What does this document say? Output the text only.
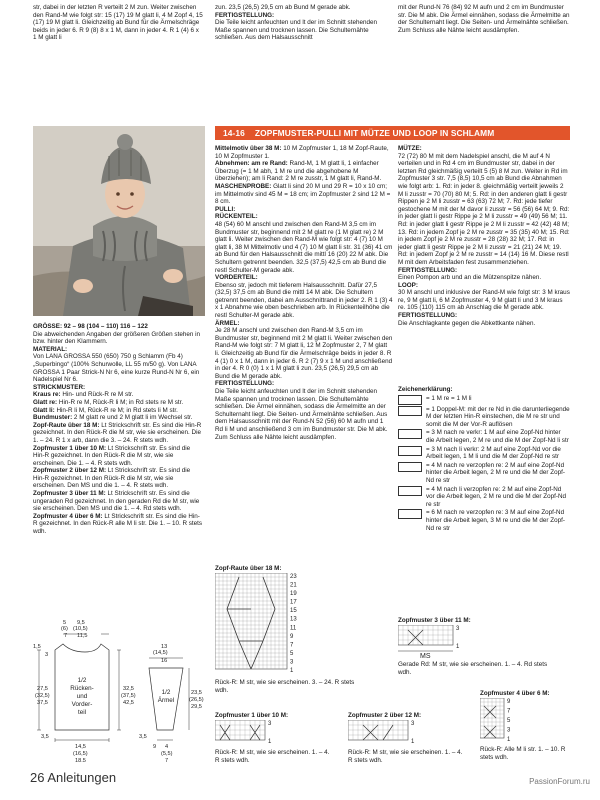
str, dabei in der letzten R verteilt 2 M zun. Weiter zwischen den Rand-M wie folgt str: 15 (17) 19 M glatt li, 4 M Zopf 4, 15 (17) 19 M glatt li. Gleichzeitig ab Bund für die Ärmelschräge beids in jeder 6. R 9 (8) 8 x 1 M, dann in jeder 4. R 1 (4) 6 x 1 M glatt li

zun. 23,5 (26,5) 29,5 cm ab Bund M gerade abk.

FERTIGSTELLUNG:

Die Teile leicht anfeuchten und lt der im Schnitt stehenden Maße spannen und trocknen lassen. Die Schulternähte schließen. Aus dem Halsausschnitt

mit der Rund-N 76 (84) 92 M aufn und 2 cm im Bundmuster str. Die M abk. Die Ärmel einnähen, sodass die Ärmelmitte an der Schulternaht liegt. Die Seiten- und Ärmelnähte schließen. Zum Schluss alle Nähte leicht ausdämpfen.

14-16 ZOPFMUSTER-PULLI MIT MÜTZE UND LOOP IN SCHLAMM

GRÖSSE: 92 – 98 (104 – 110) 116 – 122

Die abweichenden Angaben der größeren Größen stehen in bzw. hinter den Klammern.

MATERIAL:

Von LANA GROSSA 550 (650) 750 g Schlamm (Fb 4) „Superbingo“ (100% Schurwolle, LL 55 m/50 g). Von LANA GROSSA 1 Paar Strick-N Nr 6, eine kurze Rund-N Nr 6, ein Nadelspiel Nr 6.

STRICKMUSTER:

Kraus re: Hin- und Rück-R re M str.

Glatt re: Hin-R re M, Rück-R li M; in Rd stets re M str.

Glatt li: Hin-R li M, Rück-R re M; in Rd stets li M str.

Bundmuster: 2 M glatt re und 2 M glatt li im Wechsel str.

Zopf-Raute über 18 M: Lt Strickschrift str. Es sind die Hin-R gezeichnet. In den Rück-R die M str, wie sie erscheinen. Die 1. – 24. R 1 x arb, dann die 3. – 24. R stets wdh.

Zopfmuster 1 über 10 M: Lt Strickschrift str. Es sind die Hin-R gezeichnet. In den Rück-R die M str, wie sie erscheinen. Die 1. – 4. R stets wdh.

Zopfmuster 2 über 12 M: Lt Strickschrift str. Es sind die Hin-R gezeichnet. In den Rück-R die M str, wie sie erscheinen. Den MS und die 1. – 4. R stets wdh.

Zopfmuster 3 über 11 M: Lt Strickschrift str. Es sind die ungeraden Rd gezeichnet. In den geraden Rd die M str, wie sie erscheinen. Den MS und die 1. – 4. Rd stets wdh.

Zopfmuster 4 über 6 M: Lt Strickschrift str. Es sind die Hin-R gezeichnet. In den Rück-R alle M li str. Die 1. – 10. R stets wdh.

Mittelmotiv über 38 M: 10 M Zopfmuster 1, 18 M Zopf-Raute, 10 M Zopfmuster 1.

Abnehmen: am re Rand: Rand-M, 1 M glatt li, 1 einfacher Überzug (= 1 M abh, 1 M re und die abgehobene M überziehen); am li Rand: 2 M re zusstr, 1 M glatt li, Rand-M.

MASCHENPROBE: Glatt li sind 20 M und 29 R = 10 x 10 cm; im Mittelmotiv sind 45 M = 18 cm; im Zopfmuster 2 sind 12 M = 8 cm.

PULLI:

RÜCKENTEIL:

48 (54) 60 M anschl und zwischen den Rand-M 3,5 cm im Bundmuster str, beginnend mit 2 M glatt re (1 M glatt re) 2 M glatt li. Weiter zwischen den Rand-M wie folgt str: 4 (7) 10 M glatt li, 38 M Mittelmotiv und 4 (7) 10 M glatt li str. 31 (36) 41 cm ab Bund für den Halsausschnitt die mittl 16 (20) 22 M abk. Die Schultern getrennt beenden. 32,5 (37,5) 42,5 cm ab Bund die restl Schulter-M gerade abk.

VORDERTEIL:

Ebenso str, jedoch mit tieferem Halsausschnitt. Dafür 27,5 (32,5) 37,5 cm ab Bund die mittl 14 M abk. Die Schultern getrennt beenden, dabei am Ausschnittrand in jeder 2. R 1 (3) 4 x 1 Abnahme wie oben beschrieben arb. In Rückenteilhöhe die restl Schulter-M gerade abk.

ÄRMEL:

Je 28 M anschl und zwischen den Rand-M 3,5 cm im Bundmuster str, beginnend mit 2 M glatt li. Weiter zwischen den Rand-M wie folgt str: 7 M glatt li, 12 M Zopfmuster 2, 7 M glatt li. Gleichzeitig ab Bund für die Ärmelschräge beids in jeder 8. R 4 (1) 0 x 1 M, dann in jeder 6. R 2 (7) 9 x 1 M und anschließend in der 4. R 0 (0) 1 x 1 M glatt li zun. 23,5 (26,5) 29,5 cm ab Bund die M gerade abk.

FERTIGSTELLUNG:

Die Teile leicht anfeuchten und lt der im Schnitt stehenden Maße spannen und trocknen lassen. Die Schulternähte schließen. Die Ärmel einnähen, sodass die Ärmelmitte an der Schulternaht liegt. Die Seiten- und Ärmelnähte schließen. Aus dem Halsausschnitt mit der Rund-N 52 (56) 60 M aufn und 1 Rd li M und anschließend 3 cm im Bundmuster str. Die M abk. Zum Schluss alle Nähte leicht ausdämpfen.

MÜTZE:

72 (72) 80 M mit dem Nadelspiel anschl, die M auf 4 N verteilen und in Rd 4 cm im Bundmuster str, dabei in der letzten Rd gleichmäßig verteilt 5 (5) 8 M zun. Weiter in Rd im Zopfmuster 3 str. 7,5 (8,5) 10,5 cm ab Bund die Abnahmen wie folgt arb: 1. Rd: in jeder 8. gleichmäßig verteilt jeweils 2 M li zusstr = 70 (70) 80 M; 5. Rd: in den anderen glatt li gestr Rippen je 2 M li zusstr = 63 (63) 72 M; 7. Rd: jede tiefer gestochene M mit der M davor li zusstr = 56 (56) 64 M; 9. Rd: in jeder glatt li gestr Rippe je 2 M li zusstr = 49 (49) 56 M; 11. Rd: in jeder glatt li gestr Rippe je 2 M li zusstr = 42 (42) 48 M; 13. Rd: in jedem Zopf je 2 M re zusstr = 35 (35) 40 M; 15. Rd: in jedem Zopf je 2 M re zusstr = 28 (28) 32 M; 17. Rd: in jeder glatt li gestr Rippe je 2 M li zusstr = 21 (21) 24 M; 19. Rd: in jedem Zopf je 2 M re zusstr = 14 (14) 16 M. Diese restl M mit dem Arbeitsfaden fest zusammenziehen.

FERTIGSTELLUNG:

Einen Pompon arb und an die Mützenspitze nähen.

LOOP:

30 M anschl und inklusive der Rand-M wie folgt str: 3 M kraus re, 9 M glatt li, 6 M Zopfmuster 4, 9 M glatt li und 3 M kraus re. 105 (110) 115 cm ab Anschlag die M gerade abk.

FERTIGSTELLUNG:

Die Anschlagkante gegen die Abkettkante nähen.

Zeichenerklärung:

= 1 M re = 1 M li
= 1 Doppel-M: mit der re Nd in die darunterliegende M der letzten Hin-R einstechen, die M re str und somit die M der Vor-R auflösen
= 3 M nach re verkr: 1 M auf eine Zopf-Nd hinter die Arbeit legen, 2 M re und die M der Zopf-Nd li str
= 3 M nach li verkr: 2 M auf eine Zopf-Nd vor die Arbeit legen, 1 M li und die M der Zopf-Nd re str
= 4 M nach re verzopfen re: 2 M auf eine Zopf-Nd hinter die Arbeit legen, 2 M re und die M der Zopf-Nd re str
= 4 M nach li verzopfen re: 2 M auf eine Zopf-Nd vor die Arbeit legen, 2 M re und die M der Zopf-Nd re str
= 6 M nach re verzopfen re: 3 M auf eine Zopf-Nd hinter die Arbeit legen, 3 M re und die M der Zopf-Nd re str
1/2
Rücken-
und
Vorder-
teil
1/2
Ärmel
5 9,5
(6) (10,5)
7 11,5
1,5
3
27,5
(32,5)
37,5
3,5
32,5
(37,5)
42,5
14,5
(16,5)
18,5
13
(14,5)
16
23,5
(26,5)
29,5
3,5
9 4
(5,5)
7

Zopf-Raute über 18 M:

23
21
19
17
15
13
11
9
7
5
3
1

Rück-R: M str, wie sie erscheinen. 3. – 24. R stets wdh.

Zopfmuster 1 über 10 M:

3
1

Rück-R: M str, wie sie erscheinen. 1. – 4. R stets wdh.

Zopfmuster 2 über 12 M:

3
1

Rück-R: M str, wie sie erscheinen. 1. – 4. R stets wdh.

Zopfmuster 3 über 11 M:

3
1
MS

Gerade Rd: M str, wie sie erscheinen. 1. – 4. Rd stets wdh.

Zopfmuster 4 über 6 M:

9
7
5
3
1

Rück-R: Alle M li str. 1. – 10. R stets wdh.

26 Anleitungen	PassionForum.ru
